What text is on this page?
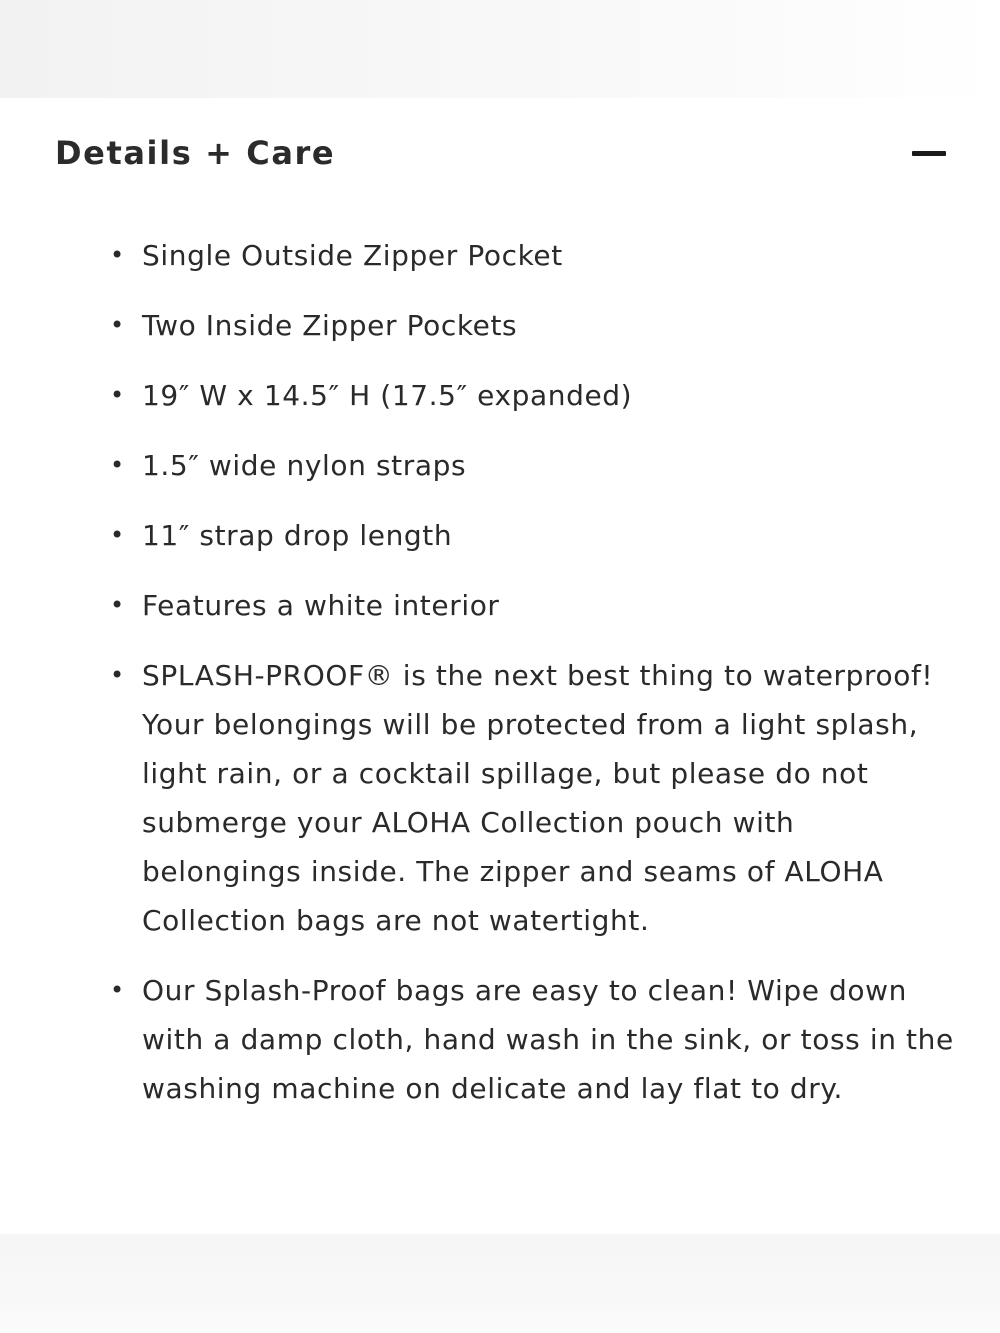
Details + Care
• Single Outside Zipper Pocket
• Two Inside Zipper Pockets
• 19″ W x 14.5″ H (17.5″ expanded)
• 1.5″ wide nylon straps
• 11″ strap drop length
• Features a white interior
• SPLASH-PROOF® is the next best thing to waterproof! Your belongings will be protected from a light splash, light rain, or a cocktail spillage, but please do not submerge your ALOHA Collection pouch with belongings inside. The zipper and seams of ALOHA Collection bags are not watertight.
• Our Splash-Proof bags are easy to clean! Wipe down with a damp cloth, hand wash in the sink, or toss in the washing machine on delicate and lay flat to dry.
